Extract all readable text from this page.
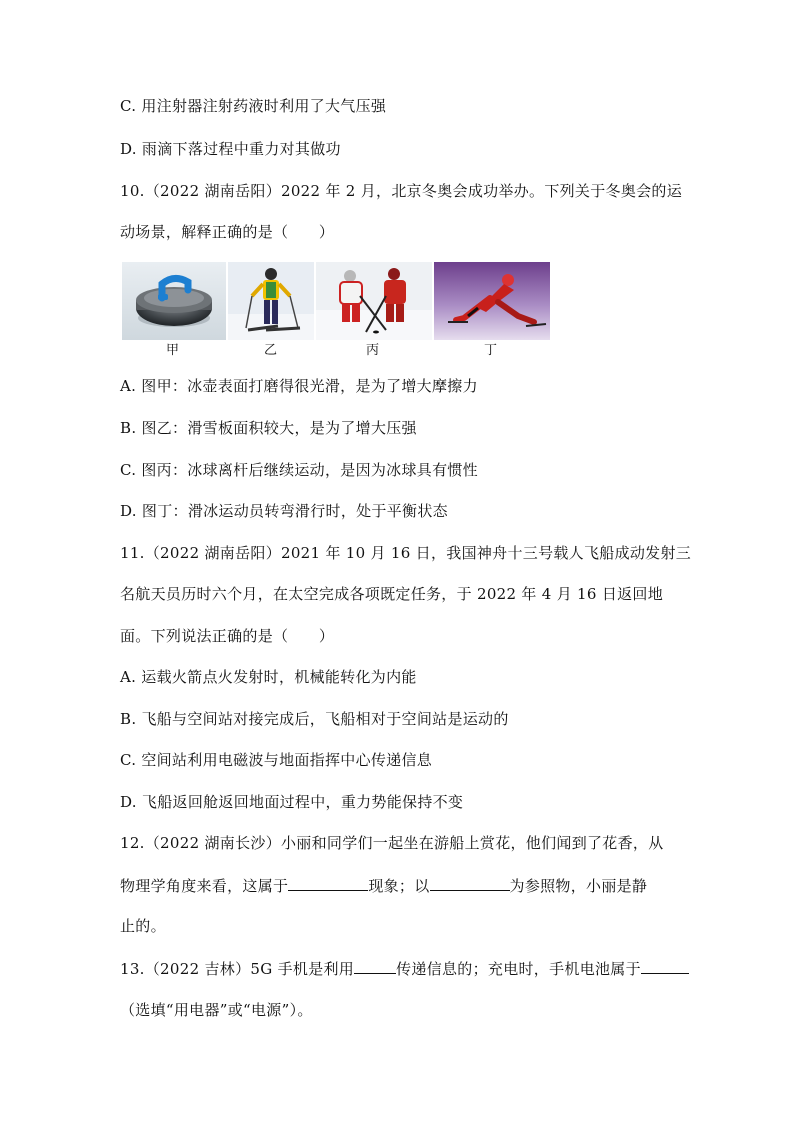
C. 用注射器注射药液时利用了大气压强
D. 雨滴下落过程中重力对其做功
10.（2022 湖南岳阳）2022 年 2 月，北京冬奥会成功举办。下列关于冬奥会的运
动场景，解释正确的是（　　）
甲	乙	丙	丁
A. 图甲：冰壶表面打磨得很光滑，是为了增大摩擦力
B. 图乙：滑雪板面积较大，是为了增大压强
C. 图丙：冰球离杆后继续运动，是因为冰球具有惯性
D. 图丁：滑冰运动员转弯滑行时，处于平衡状态
11.（2022 湖南岳阳）2021 年 10 月 16 日，我国神舟十三号载人飞船成动发射三
名航天员历时六个月，在太空完成各项既定任务，于 2022 年 4 月 16 日返回地
面。下列说法正确的是（　　）
A. 运载火箭点火发射时，机械能转化为内能
B. 飞船与空间站对接完成后，飞船相对于空间站是运动的
C. 空间站利用电磁波与地面指挥中心传递信息
D. 飞船返回舱返回地面过程中，重力势能保持不变
12.（2022 湖南长沙）小丽和同学们一起坐在游船上赏花，他们闻到了花香，从
物理学角度来看，这属于	现象；以	为参照物，小丽是静
止的。
13.（2022 吉林）5G 手机是利用	传递信息的；充电时，手机电池属于
（选填“用电器”或“电源”）。
